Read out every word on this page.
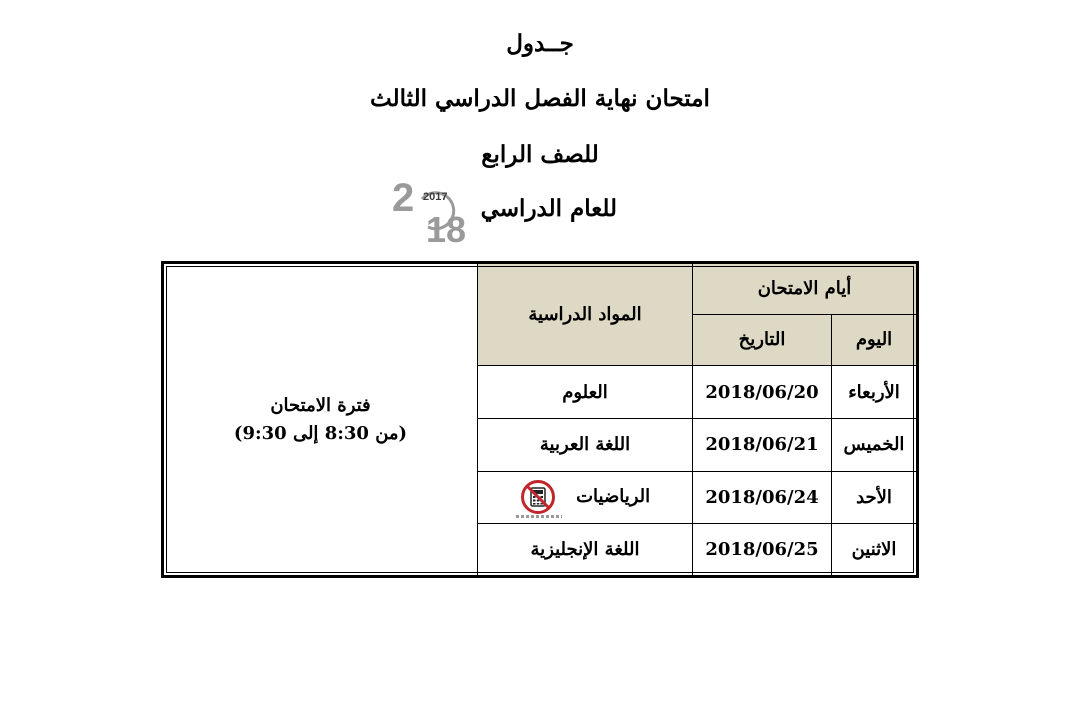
جــدول
امتحان نهاية الفصل الدراسي الثالث
للصف الرابع
للعام الدراسي
2 2017
18
أيام الامتحان		المواد الدراسية	فترة الامتحان
(من 8:30 إلى 9:30)

اليوم	التاريخ		
الأربعاء	2018/06/20	العلوم	
الخميس	2018/06/21	اللغة العربية	
الأحد	2018/06/24	الرياضيات	

الاثنين	2018/06/25	اللغة الإنجليزية	
